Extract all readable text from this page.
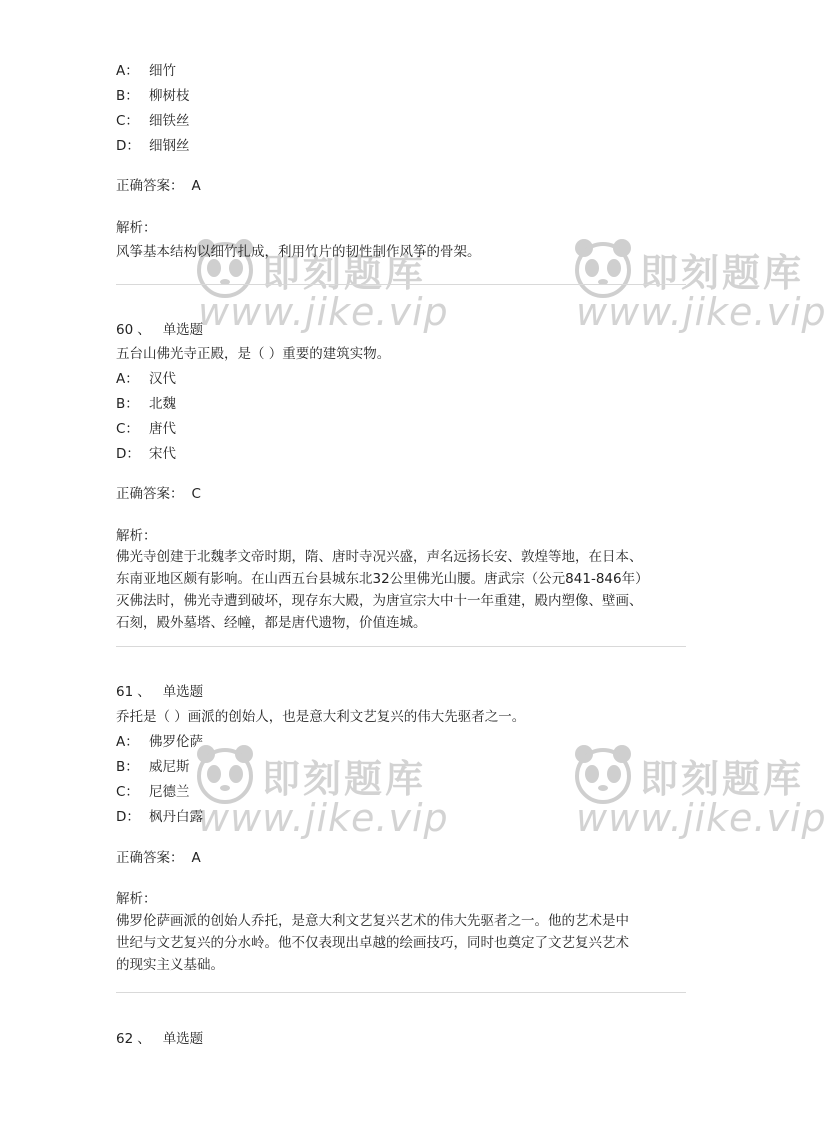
即刻题库
www.jike.vip
即刻题库
www.jike.vip
即刻题库
www.jike.vip
即刻题库
www.jike.vip
A： 细竹
B： 柳树枝
C： 细铁丝
D： 细钢丝
正确答案： A
解析：
风筝基本结构以细竹扎成，利用竹片的韧性制作风筝的骨架。
60 、 单选题
五台山佛光寺正殿，是（ ）重要的建筑实物。
A： 汉代
B： 北魏
C： 唐代
D： 宋代
正确答案： C
解析：
佛光寺创建于北魏孝文帝时期，隋、唐时寺况兴盛，声名远扬长安、敦煌等地，在日本、
东南亚地区颇有影响。在山西五台县城东北32公里佛光山腰。唐武宗（公元841-846年）
灭佛法时，佛光寺遭到破坏，现存东大殿，为唐宣宗大中十一年重建，殿内塑像、壁画、
石刻，殿外墓塔、经幢，都是唐代遗物，价值连城。
61 、 单选题
乔托是（ ）画派的创始人，也是意大利文艺复兴的伟大先驱者之一。
A： 佛罗伦萨
B： 威尼斯
C： 尼德兰
D： 枫丹白露
正确答案： A
解析：
佛罗伦萨画派的创始人乔托，是意大利文艺复兴艺术的伟大先驱者之一。他的艺术是中
世纪与文艺复兴的分水岭。他不仅表现出卓越的绘画技巧，同时也奠定了文艺复兴艺术
的现实主义基础。
62 、 单选题
